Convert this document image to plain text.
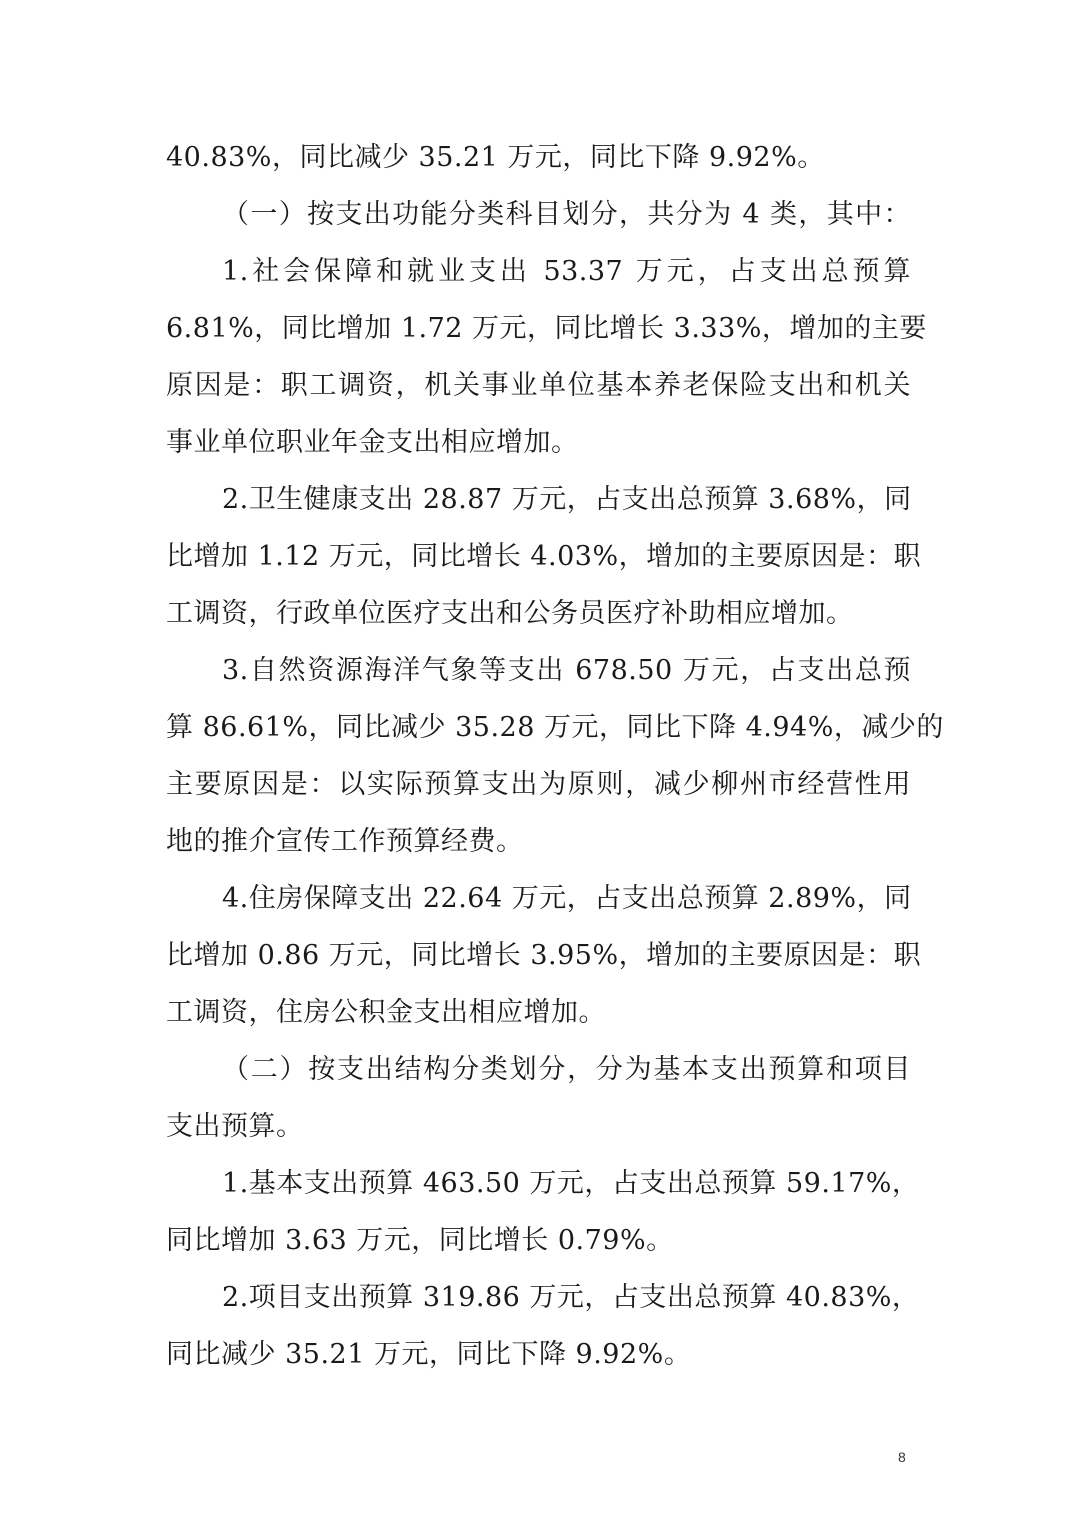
40.83%，同比减少 35.21 万元，同比下降 9.92%。
（一）按支出功能分类科目划分，共分为 4 类，其中：
1.社会保障和就业支出 53.37 万元，占支出总预算
6.81%，同比增加 1.72 万元，同比增长 3.33%，增加的主要
原因是：职工调资，机关事业单位基本养老保险支出和机关
事业单位职业年金支出相应增加。
2.卫生健康支出 28.87 万元，占支出总预算 3.68%，同
比增加 1.12 万元，同比增长 4.03%，增加的主要原因是：职
工调资，行政单位医疗支出和公务员医疗补助相应增加。
3.自然资源海洋气象等支出 678.50 万元，占支出总预
算 86.61%，同比减少 35.28 万元，同比下降 4.94%，减少的
主要原因是：以实际预算支出为原则，减少柳州市经营性用
地的推介宣传工作预算经费。
4.住房保障支出 22.64 万元，占支出总预算 2.89%，同
比增加 0.86 万元，同比增长 3.95%，增加的主要原因是：职
工调资，住房公积金支出相应增加。
（二）按支出结构分类划分，分为基本支出预算和项目
支出预算。
1.基本支出预算 463.50 万元，占支出总预算 59.17%，
同比增加 3.63 万元，同比增长 0.79%。
2.项目支出预算 319.86 万元，占支出总预算 40.83%，
同比减少 35.21 万元，同比下降 9.92%。
8
